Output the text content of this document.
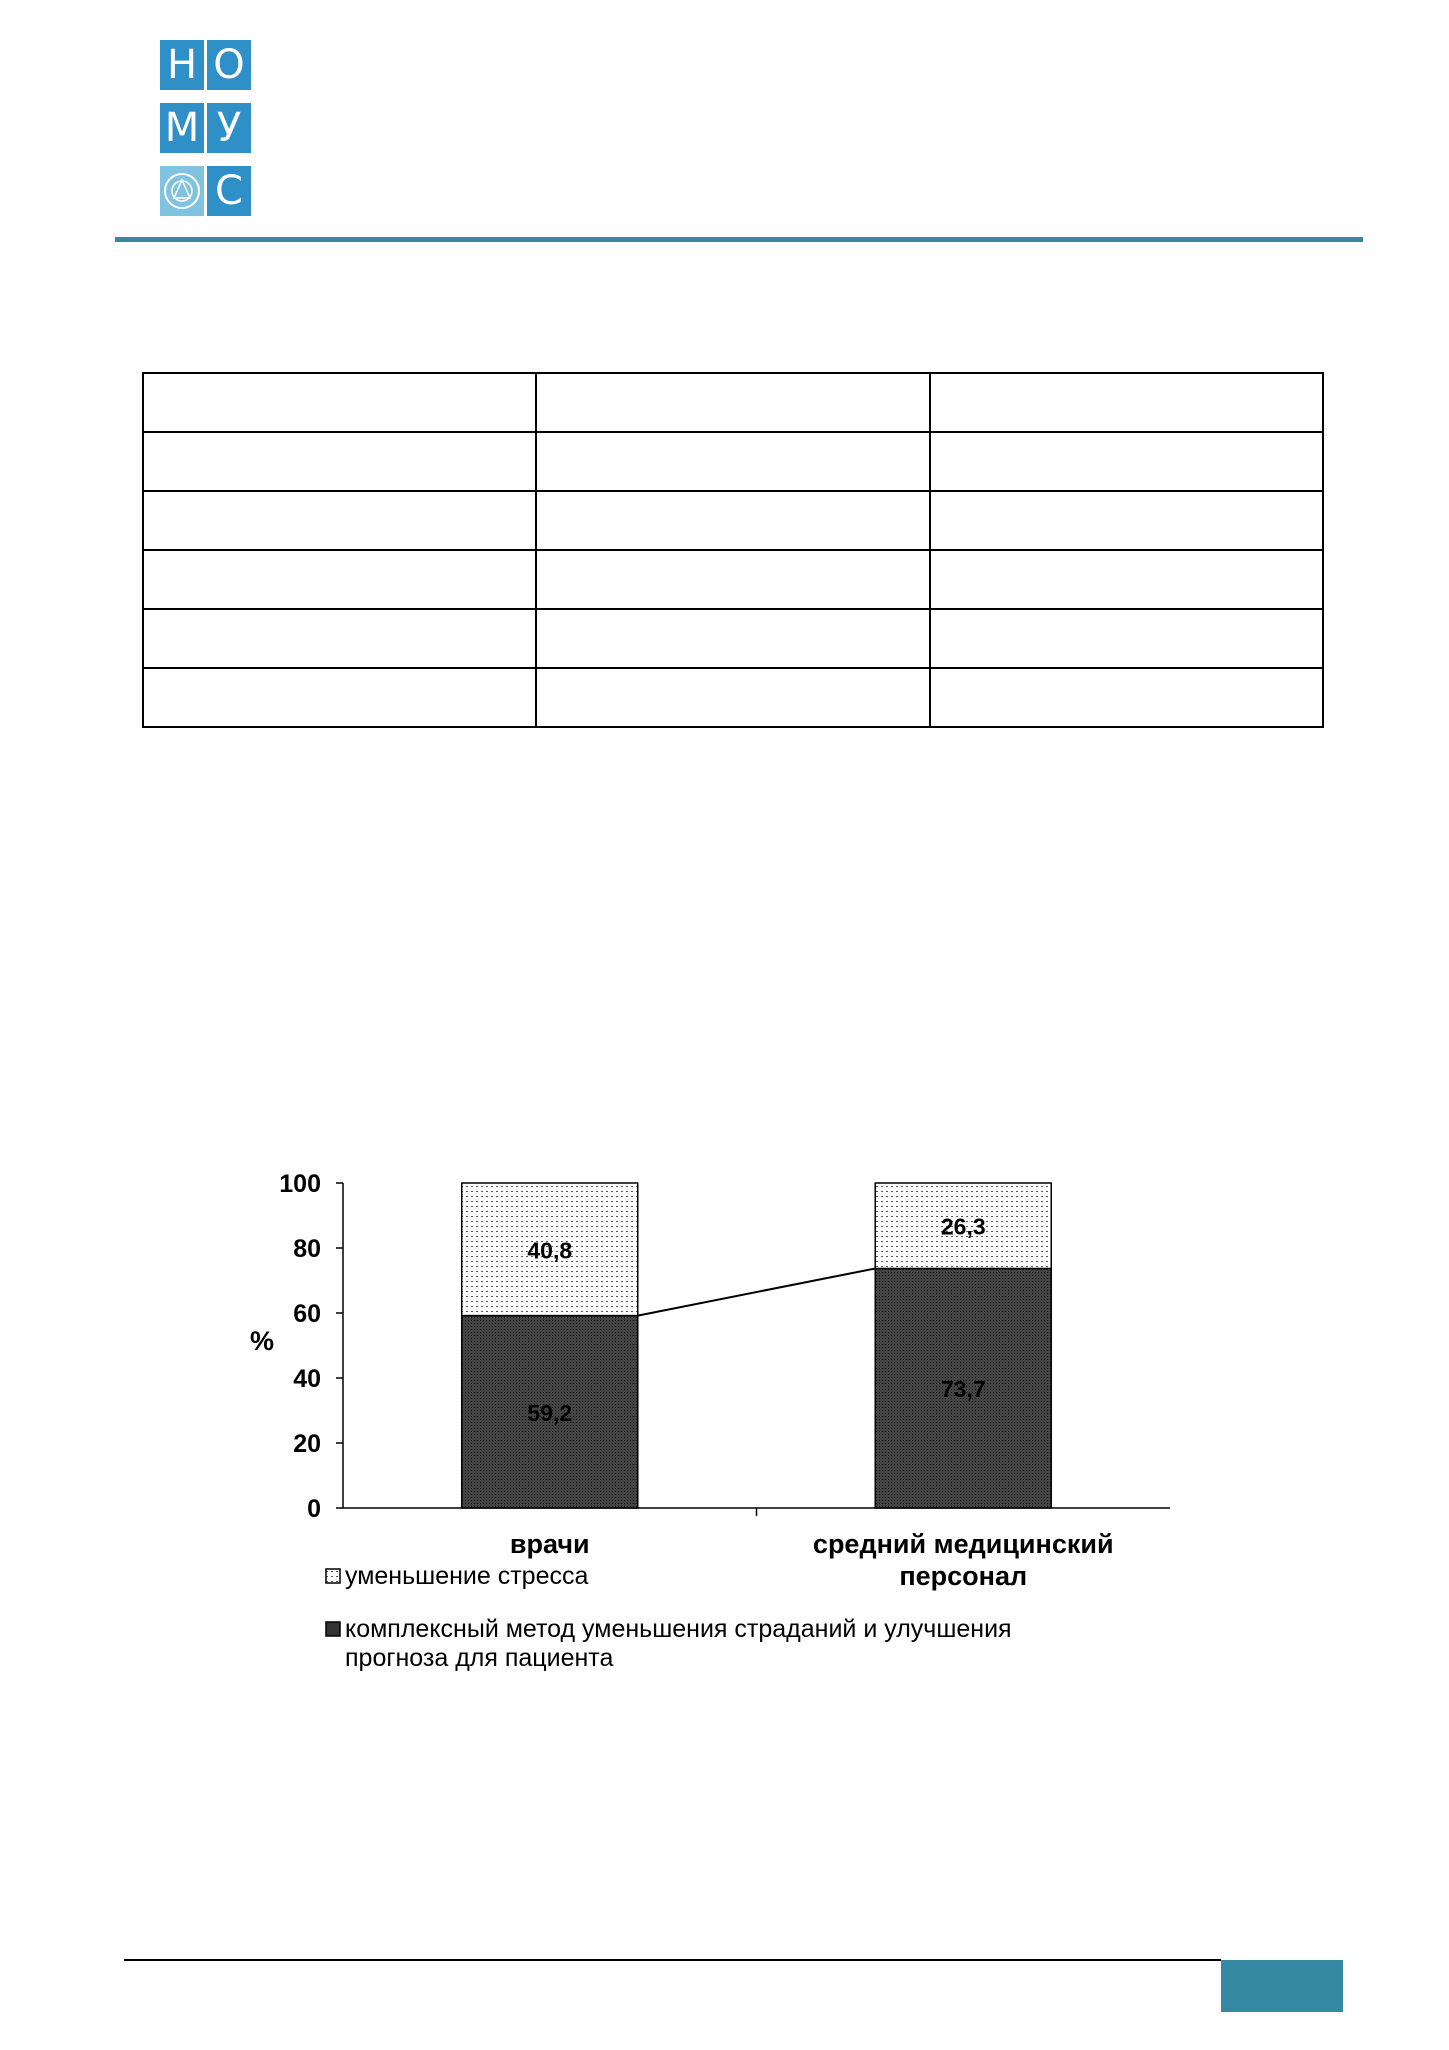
Н О
М У
С

0
20
40
60
80
100
%
59,2
40,8
врачи
73,7
26,3
средний медицинский
персонал
уменьшение стресса
комплексный метод уменьшения страданий и улучшения
прогноза для пациента
